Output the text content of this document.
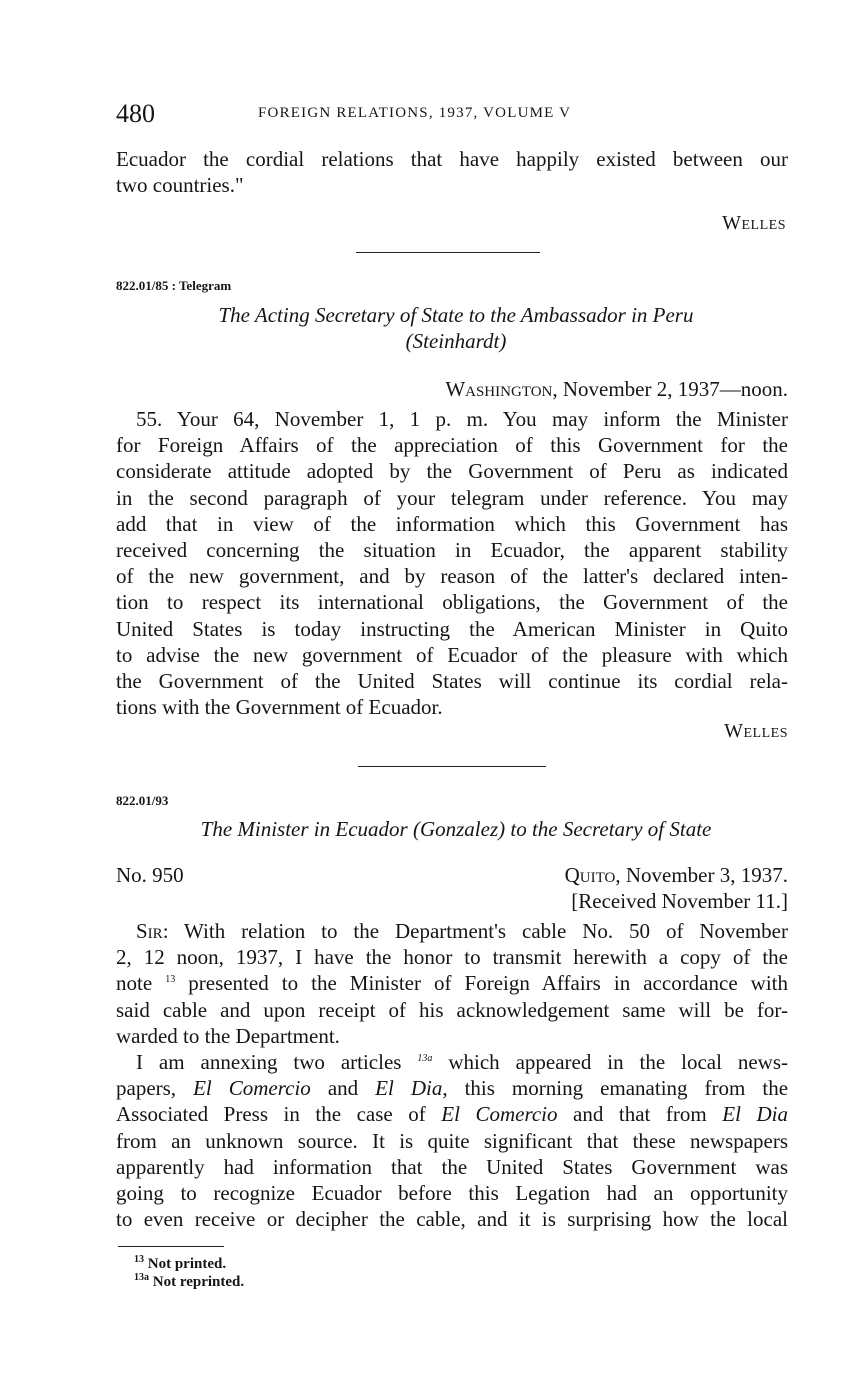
480	FOREIGN RELATIONS, 1937, VOLUME V
Ecuador the cordial relations that have happily existed between our
two countries."
Welles
822.01/85 : Telegram
The Acting Secretary of State to the Ambassador in Peru
(Steinhardt)
Washington, November 2, 1937—noon.
55. Your 64, November 1, 1 p. m. You may inform the Minister
for Foreign Affairs of the appreciation of this Government for the
considerate attitude adopted by the Government of Peru as indicated
in the second paragraph of your telegram under reference. You may
add that in view of the information which this Government has
received concerning the situation in Ecuador, the apparent stability
of the new government, and by reason of the latter's declared inten-
tion to respect its international obligations, the Government of the
United States is today instructing the American Minister in Quito
to advise the new government of Ecuador of the pleasure with which
the Government of the United States will continue its cordial rela-
tions with the Government of Ecuador.
Welles
822.01/93
The Minister in Ecuador (Gonzalez) to the Secretary of State
No. 950	Quito, November 3, 1937.
[Received November 11.]
Sir: With relation to the Department's cable No. 50 of November
2, 12 noon, 1937, I have the honor to transmit herewith a copy of the
note $^{13}$ presented to the Minister of Foreign Affairs in accordance with
said cable and upon receipt of his acknowledgement same will be for-
warded to the Department.
I am annexing two articles $^{13a}$ which appeared in the local news-
papers, El Comercio and El Dia, this morning emanating from the
Associated Press in the case of El Comercio and that from El Dia
from an unknown source. It is quite significant that these newspapers
apparently had information that the United States Government was
going to recognize Ecuador before this Legation had an opportunity
to even receive or decipher the cable, and it is surprising how the local
$^{13}$ Not printed.
$^{13a}$ Not reprinted.
